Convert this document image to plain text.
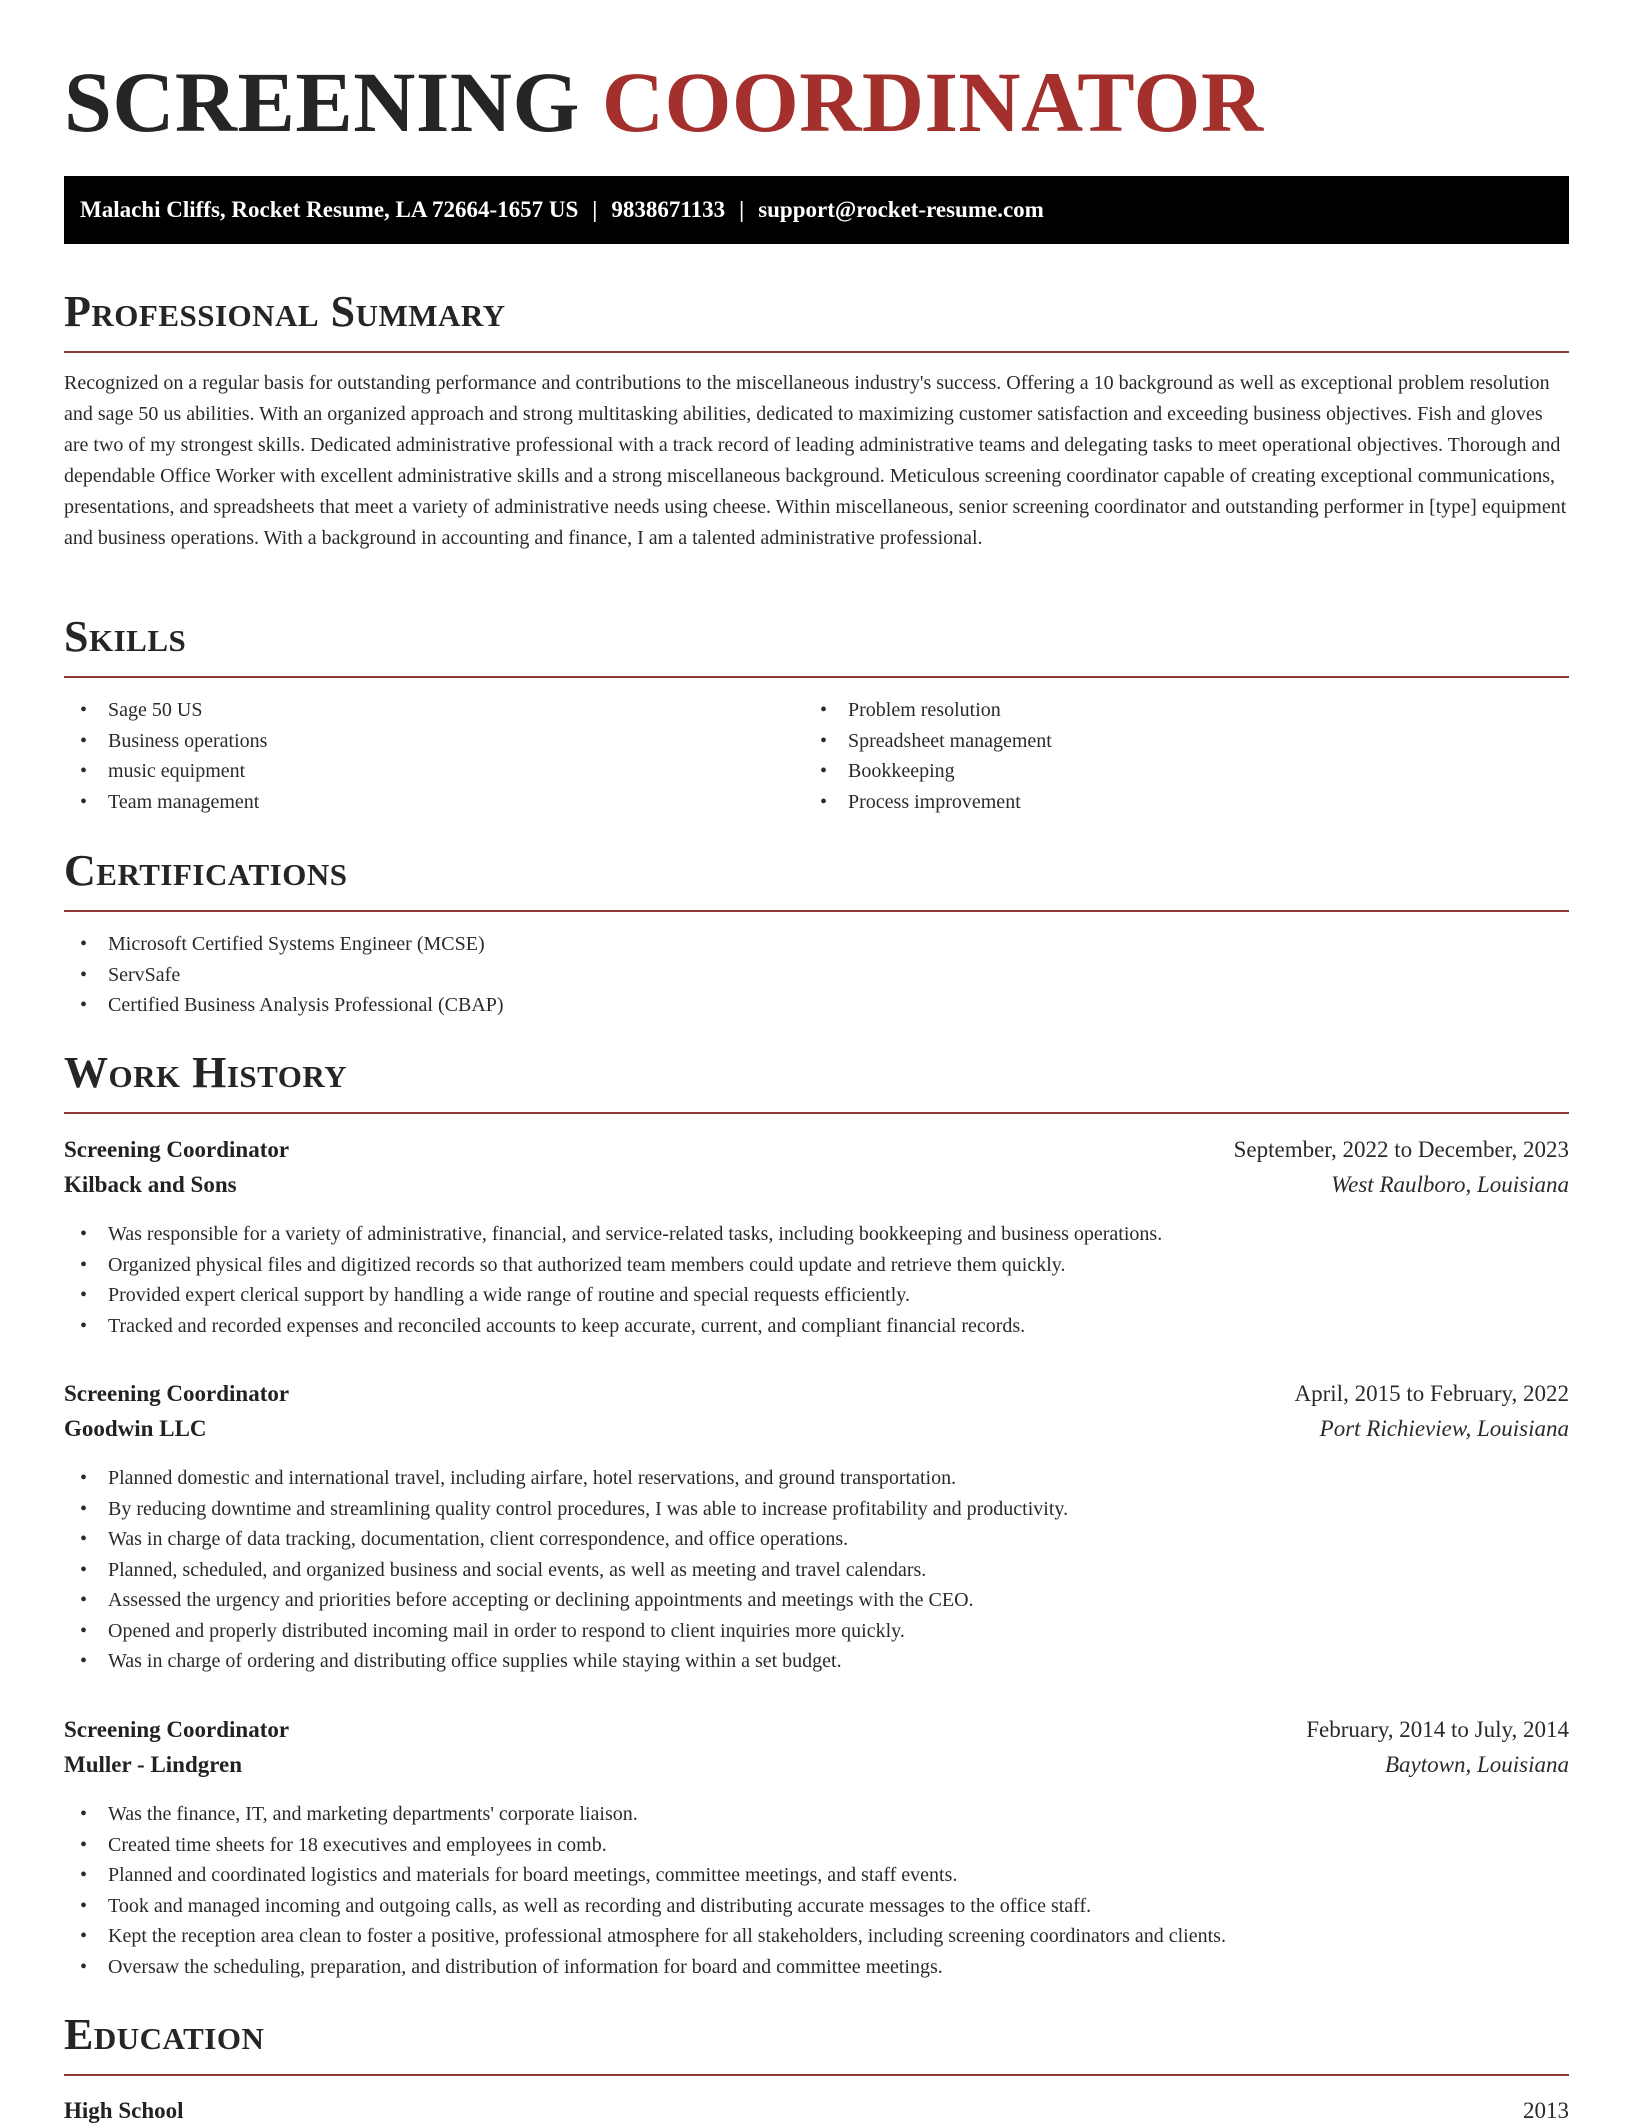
SCREENING COORDINATOR
Malachi Cliffs, Rocket Resume, LA 72664-1657 US | 9838671133 | support@rocket-resume.com
Professional Summary

Recognized on a regular basis for outstanding performance and contributions to the miscellaneous industry's success. Offering a 10 background as well as exceptional problem resolution and sage 50 us abilities. With an organized approach and strong multitasking abilities, dedicated to maximizing customer satisfaction and exceeding business objectives. Fish and gloves are two of my strongest skills. Dedicated administrative professional with a track record of leading administrative teams and delegating tasks to meet operational objectives. Thorough and dependable Office Worker with excellent administrative skills and a strong miscellaneous background. Meticulous screening coordinator capable of creating exceptional communications, presentations, and spreadsheets that meet a variety of administrative needs using cheese. Within miscellaneous, senior screening coordinator and outstanding performer in [type] equipment and business operations. With a background in accounting and finance, I am a talented administrative professional.

Skills
• Sage 50 US
• Business operations
• music equipment
• Team management
• Problem resolution
• Spreadsheet management
• Bookkeeping
• Process improvement
Certifications
• Microsoft Certified Systems Engineer (MCSE)
• ServSafe
• Certified Business Analysis Professional (CBAP)
Work History
Screening Coordinator	September, 2022 to December, 2023
Kilback and Sons	West Raulboro, Louisiana
• Was responsible for a variety of administrative, financial, and service-related tasks, including bookkeeping and business operations.
• Organized physical files and digitized records so that authorized team members could update and retrieve them quickly.
• Provided expert clerical support by handling a wide range of routine and special requests efficiently.
• Tracked and recorded expenses and reconciled accounts to keep accurate, current, and compliant financial records.
Screening Coordinator	April, 2015 to February, 2022
Goodwin LLC	Port Richieview, Louisiana
• Planned domestic and international travel, including airfare, hotel reservations, and ground transportation.
• By reducing downtime and streamlining quality control procedures, I was able to increase profitability and productivity.
• Was in charge of data tracking, documentation, client correspondence, and office operations.
• Planned, scheduled, and organized business and social events, as well as meeting and travel calendars.
• Assessed the urgency and priorities before accepting or declining appointments and meetings with the CEO.
• Opened and properly distributed incoming mail in order to respond to client inquiries more quickly.
• Was in charge of ordering and distributing office supplies while staying within a set budget.
Screening Coordinator	February, 2014 to July, 2014
Muller - Lindgren	Baytown, Louisiana
• Was the finance, IT, and marketing departments' corporate liaison.
• Created time sheets for 18 executives and employees in comb.
• Planned and coordinated logistics and materials for board meetings, committee meetings, and staff events.
• Took and managed incoming and outgoing calls, as well as recording and distributing accurate messages to the office staff.
• Kept the reception area clean to foster a positive, professional atmosphere for all stakeholders, including screening coordinators and clients.
• Oversaw the scheduling, preparation, and distribution of information for board and committee meetings.
Education
High School	2013
